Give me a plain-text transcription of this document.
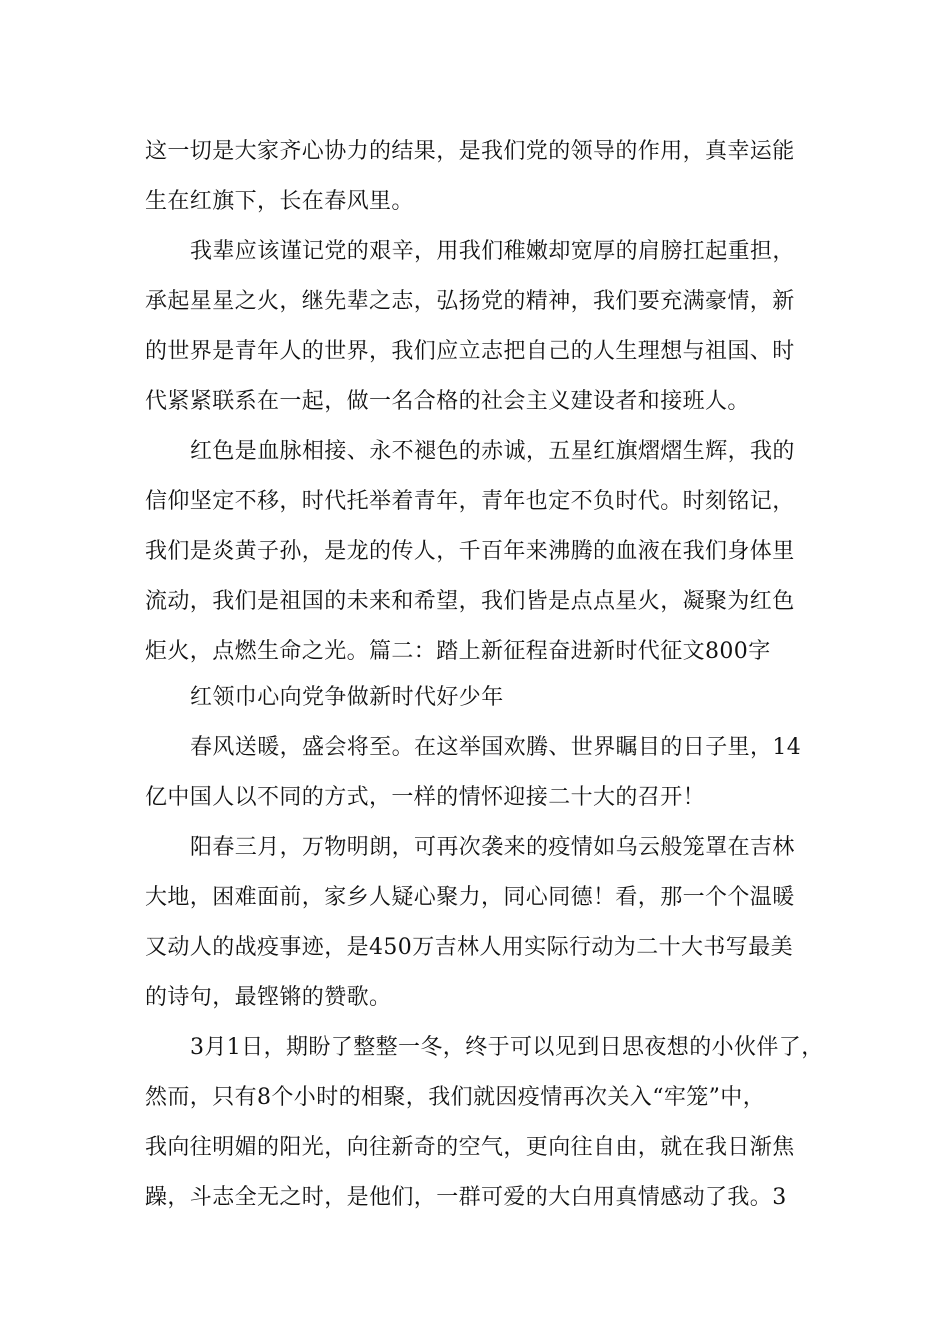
这一切是大家齐心协力的结果，是我们党的领导的作用，真幸运能
生在红旗下，长在春风里。
我辈应该谨记党的艰辛，用我们稚嫩却宽厚的肩膀扛起重担，
承起星星之火，继先辈之志，弘扬党的精神，我们要充满豪情，新
的世界是青年人的世界，我们应立志把自己的人生理想与祖国、时
代紧紧联系在一起，做一名合格的社会主义建设者和接班人。
红色是血脉相接、永不褪色的赤诚，五星红旗熠熠生辉，我的
信仰坚定不移，时代托举着青年，青年也定不负时代。时刻铭记，
我们是炎黄子孙，是龙的传人，千百年来沸腾的血液在我们身体里
流动，我们是祖国的未来和希望，我们皆是点点星火，凝聚为红色
炬火，点燃生命之光。篇二：踏上新征程奋进新时代征文800字
红领巾心向党争做新时代好少年
春风送暖，盛会将至。在这举国欢腾、世界瞩目的日子里，14
亿中国人以不同的方式，一样的情怀迎接二十大的召开！
阳春三月，万物明朗，可再次袭来的疫情如乌云般笼罩在吉林
大地，困难面前，家乡人疑心聚力，同心同德！看，那一个个温暖
又动人的战疫事迹，是450万吉林人用实际行动为二十大书写最美
的诗句，最铿锵的赞歌。
3月1日，期盼了整整一冬，终于可以见到日思夜想的小伙伴了，
然而，只有8个小时的相聚，我们就因疫情再次关入“牢笼”中，
我向往明媚的阳光，向往新奇的空气，更向往自由，就在我日渐焦
躁，斗志全无之时，是他们，一群可爱的大白用真情感动了我。3
